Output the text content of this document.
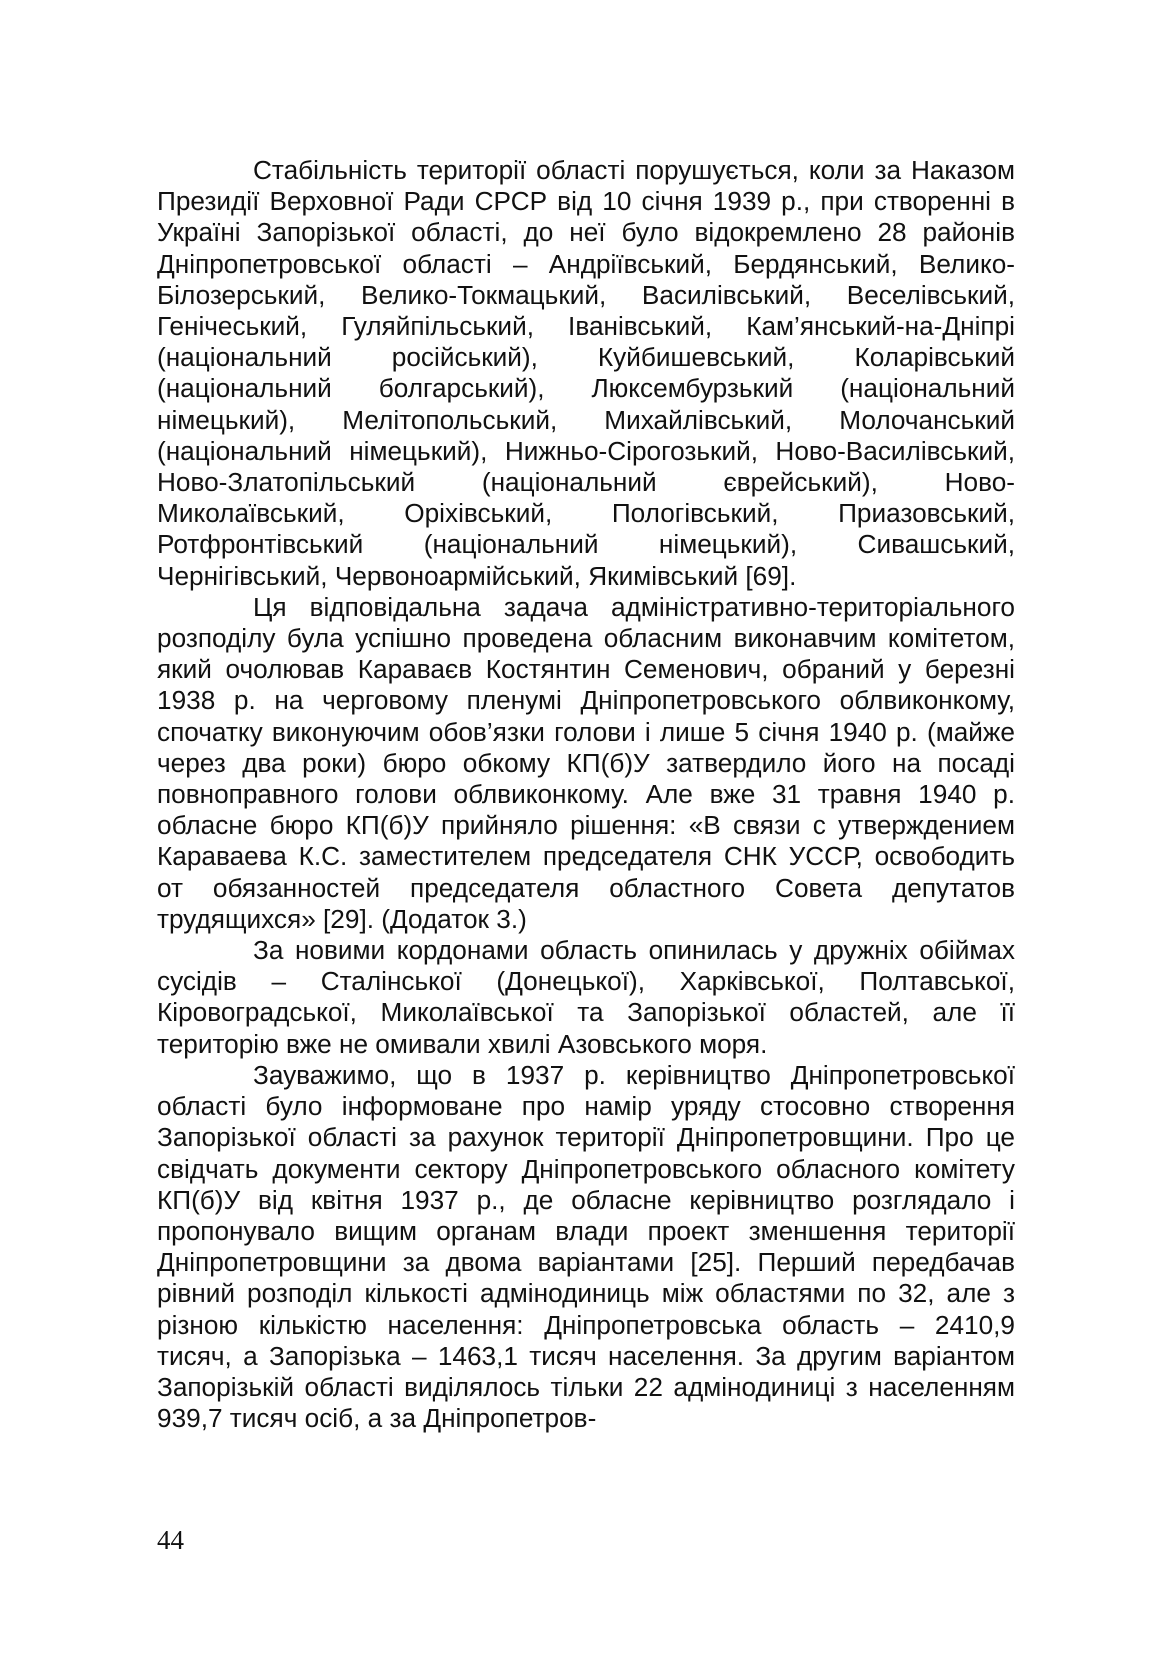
Стабільність території області порушується, коли за Наказом Президії Верховної Ради СРСР від 10 січня 1939 р., при створенні в Україні Запорізької області, до неї було відокремлено 28 районів Дніпропетровської області – Андріївський, Бердянський, Велико-Білозерський, Велико-Токмацький, Василівський, Веселівський, Генічеський, Гуляйпільський, Іванівський, Кам’янський-на-Дніпрі (національний російський), Куйбишевський, Коларівський (національний болгарський), Люксембурзький (національний німецький), Мелітопольський, Михайлівський, Молочанський (національний німецький), Нижньо-Сірогозький, Ново-Василівський, Ново-Златопільський (національний єврейський), Ново-Миколаївський, Оріхівський, Пологівський, Приазовський, Ротфронтівський (національний німецький), Сивашський, Чернігівський, Червоноармійський, Якимівський [69].

Ця відповідальна задача адміністративно-територіального розподілу була успішно проведена обласним виконавчим комітетом, який очолював Караваєв Костянтин Семенович, обраний у березні 1938 р. на черговому пленумі Дніпропетровського облвиконкому, спочатку виконуючим обов’язки голови і лише 5 січня 1940 р. (майже через два роки) бюро обкому КП(б)У затвердило його на посаді повноправного голови облвиконкому. Але вже 31 травня 1940 р. обласне бюро КП(б)У прийняло рішення: «В связи с утверждением Караваева К.С. заместителем председателя СНК УССР, освободить от обязанностей председателя областного Совета депутатов трудящихся» [29]. (Додаток 3.)

За новими кордонами область опинилась у дружніх обіймах сусідів – Сталінської (Донецької), Харківської, Полтавської, Кіровоградської, Миколаївської та Запорізької областей, але її територію вже не омивали хвилі Азовського моря.

Зауважимо, що в 1937 р. керівництво Дніпропетровської області було інформоване про намір уряду стосовно створення Запорізької області за рахунок території Дніпропетровщини. Про це свідчать документи сектору Дніпропетровського обласного комітету КП(б)У від квітня 1937 р., де обласне керівництво розглядало і пропонувало вищим органам влади проект зменшення території Дніпропетровщини за двома варіантами [25]. Перший передбачав рівний розподіл кількості адмінодиниць між областями по 32, але з різною кількістю населення: Дніпропетровська область – 2410,9 тисяч, а Запорізька – 1463,1 тисяч населення. За другим варіантом Запорізькій області виділялось тільки 22 адмінодиниці з населенням 939,7 тисяч осіб, а за Дніпропетров-

44
